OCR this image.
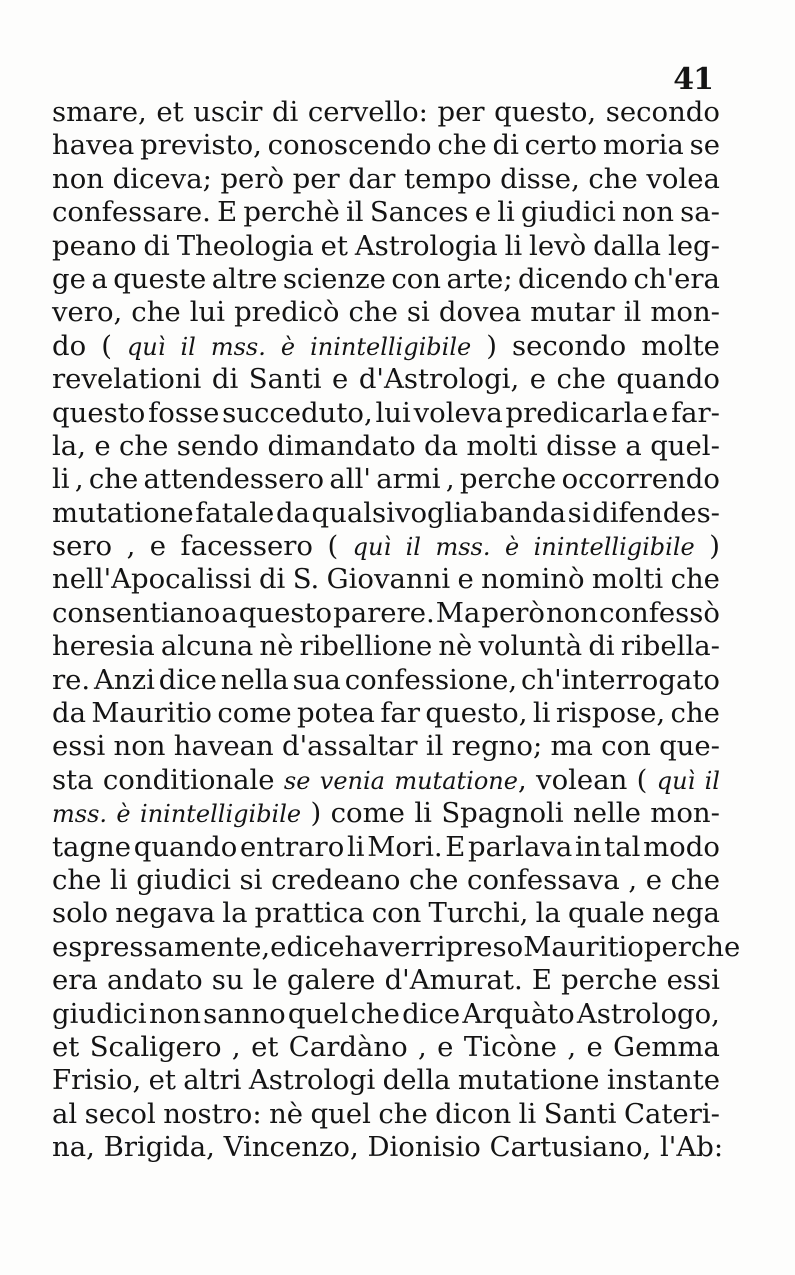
41
smare, et uscir di cervello: per questo, secondo
havea previsto, conoscendo che di certo moria se
non diceva; però per dar tempo disse, che volea
confessare. E perchè il Sances e li giudici non sa-
peano di Theologia et Astrologia li levò dalla leg-
ge a queste altre scienze con arte; dicendo ch'era
vero, che lui predicò che si dovea mutar il mon-
do ( quì il mss. è inintelligibile ) secondo molte
revelationi di Santi e d'Astrologi, e che quando
questo fosse succeduto, lui voleva predicarla e far-
la, e che sendo dimandato da molti disse a quel-
li , che attendessero all' armi , perche occorrendo
mutatione fatale da qualsivoglia banda si difendes-
sero , e facessero ( quì il mss. è inintelligibile )
nell'Apocalissi di S. Giovanni e nominò molti che
consentiano a questo parere. Ma però non confessò
heresia alcuna nè ribellione nè voluntà di ribella-
re. Anzi dice nella sua confessione, ch'interrogato
da Mauritio come potea far questo, li rispose, che
essi non havean d'assaltar il regno; ma con que-
sta conditionale se venia mutatione, volean ( quì il
mss. è inintelligibile ) come li Spagnoli nelle mon-
tagne quando entraro li Mori. E parlava in tal modo
che li giudici si credeano che confessava , e che
solo negava la prattica con Turchi, la quale nega
espressamente, e dice haver ripreso Mauritio perche
era andato su le galere d'Amurat. E perche essi
giudici non sanno quel che dice Arquàto Astrologo,
et Scaligero , et Cardàno , e Ticòne , e Gemma
Frisio, et altri Astrologi della mutatione instante
al secol nostro: nè quel che dicon li Santi Cateri-
na,
Brigida,
Vincenzo,
Dionisio
Cartusiano,
l'Ab:
